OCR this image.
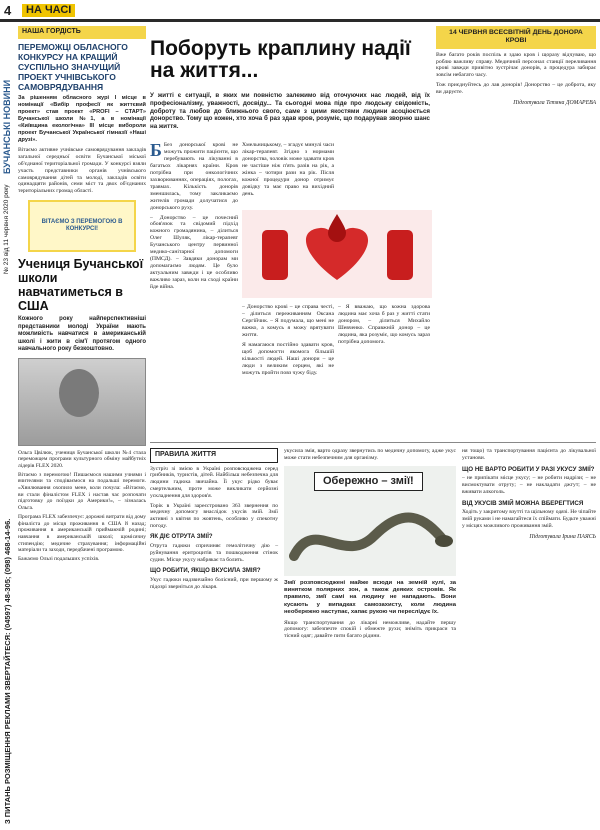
4	НА ЧАСІ
БУЧАНСЬКІ НОВИНИ
№ 23 від 11 червня 2020 року
З ПИТАНЬ РОЗМІЩЕННЯ РЕКЛАМИ ЗВЕРТАЙТЕСЯ: (04597) 48-305; (098) 468-14-96.
НАША ГОРДІСТЬ
ПЕРЕМОЖЦІ ОБЛАСНОГО КОНКУРСУ НА КРАЩИЙ СУСПІЛЬНО ЗНАЧУЩИЙ ПРОЕКТ УЧНІВСЬКОГО САМОВРЯДУВАННЯ
За рішенням обласного журі І місце в номінації «Вибір професії як життєвий проект» став проект «PROFI – CTAPT» Бучанської школи №1, а в номінації «Київщина екологічна» ІІІ місце вибороли проект Бучанської Української гімназії «Наші друзі».
Вітаємо активне учнівське самоврядування закладів загальної середньої освіти Бучанської міської об'єднаної територіальної громади. У конкурсі взяли участь представники органів учнівського самоврядування дітей та молоді, закладів освіти одинадцяти районів, семи міст та двох об'єднаних територіальних громад області.
ВІТАЄМО З ПЕРЕМОГОЮ В КОНКУРСІ!
Учениця Бучанської школи навчатиметься в США
Кожного року найперспективніші представники молоді України мають можливість навчатися в американській школі і жити в сім'ї протягом одного навчального року безкоштовно.
Ольга Цвілюк, учениця Бучанської школи №4 стала переможцем програми культурного обміну майбутніх лідерів FLEX 2020.
Вітаємо з перемогою! Пишаємося нашими учнями і вчителями та сподіваємося на подальші перемоги. «Хвилювання охопило мене, коли почула: «Вітаємо, ви стали фіналістом FLEX і настав час розпочати підготовку до поїздки до Америки!», – зізналась Ольга.
Програма FLEX забезпечує: дорожні витрати від дому фіналіста до місця проживання в США й назад; проживання в американській приймаючій родині; навчання в американській школі; щомісячну стипендію; медичне страхування; інформаційні матеріали та заходи, передбачені програмою.
Бажаємо Ользі подальших успіхів.
Поборуть краплину надії на життя...
У житті є ситуації, в яких ми повністю залежимо від оточуючих нас людей, від їх професіоналізму, уважності, досвіду... Та сьогодні мова піде про людську свідомість, доброту та любов до ближнього свого, саме з цими якостями людини асоціюється донорство. Тому що кожен, хто хоча б раз здав кров, розуміє, що подарував зворню шанс на життя.
Б Без донорської крові не можуть прожити пацієнти, що перебувають на лікуванні в багатьох лікарнях країни. Кров потрібна при онкологічних захворюваннях, операціях, пологах, травмах. Кількість донорів зменшилась, тому закликаємо жителів громади долучатися до донорського руху.
– Донорство – це почесний обов'язок та свідомий підхід кожного громадянина, – ділиться Олег Шуляк, лікар-терапевт Бучанського центру первинної медико-санітарної допомоги (ПМСД). – Завдяки донорам ми допомагаємо людям. Це було актуальним завжди і це особливо важливо зараз, коли на сході країни йде війна.
Хмельницькому, – згадує минулі часи лікар-терапевт. Згідно з нормами донорства, чоловік може здавати кров не частіше ніж п'ять разів на рік, а жінка – чотири рази на рік. Після кожної процедури донор отримує довідку та має право на вихідний день.
– Донорство крові – це справа честі, – ділиться переживанням Оксана Сергійчик. – Я подумала, що мені не важко, а комусь я можу врятувати життя.
Я намагаюся постійно здавати кров, щоб допомогти якомога більшій кількості людей. Наші донори – це люди з великим серцем, які не можуть пройти повз чужу біду.
– Я вважаю, що кожна здорова людина має хоча б раз у житті стати донором, – ділиться Михайло Шевченко. Справжній донор – це людина, яка розуміє, що комусь зараз потрібна допомога.
14 ЧЕРВНЯ ВСЕСВІТНІЙ ДЕНЬ ДОНОРА КРОВІ
Вже багато років поспіль я здаю кров і щоразу відчуваю, що роблю важливу справу. Медичний персонал станції переливання крові завжди привітно зустрічає донорів, а процедура забирає зовсім небагато часу.
Тож приєднуйтесь до лав донорів! Донорство – це доброта, яку ви даруєте.
Підготувала Тетяна ДОМАРЕВА
ПРАВИЛА ЖИТТЯ
Зустріч зі змією в Україні розповсюджена серед грибників, туристів, дітей. Найбільш небезпечна для людини гадюка звичайна. Її укус рідко буває смертельним, проте може викликати серйозні ускладнення для здоров'я.
Торік в Україні зареєстровано 363 звернення по медичну допомогу внаслідок укусів змій. Змії активні з квітня по жовтень, особливо у спекотну погоду.
ЯК ДІЄ ОТРУТА ЗМІЇ?
Отрута гадюки спричиняє гемолітичну дію – руйнування еритроцитів та пошкодження стінок судин. Місце укусу набрякає та болить.
ЩО РОБИТИ, ЯКЩО ВКУСИЛА ЗМІЯ?
Укус гадюки надзвичайно болісний, при першому ж підозрі зверніться до лікаря.
укусила змія, варто одразу звернутись по медичну допомогу, адже укус може стати небезпечним для організму.
Обережно – змії!
Змії розповсюджені майже всюди на земній кулі, за винятком полярних зон, а також деяких островів. Як правило, змії самі на людину не нападають. Вони кусають у випадках самозахисту, коли людина необережно наступає, хапає рукою чи переслідує їх.
Якщо транспортування до лікарні неможливе, надайте першу допомогу: забезпечте спокій і обмежте рухи; зніміть прикраси та тісний одяг; давайте пити багато рідини.
ня тощо) та транспортування пацієнта до лікувальної установи.
ЩО НЕ ВАРТО РОБИТИ У РАЗІ УКУСУ ЗМІЇ?
– не припікати місце укусу; – не робити надрізи; – не висмоктувати отруту; – не накладати джгут; – не вживати алкоголь.
ВІД УКУСІВ ЗМІЙ МОЖНА ВБЕРЕГТИСЯ
Ходіть у закритому взутті та щільному одязі. Не чіпайте змій руками і не намагайтеся їх спіймати. Будьте уважні у місцях можливого проживання змій.
Підготувала Ірина ПАЯСЬ
